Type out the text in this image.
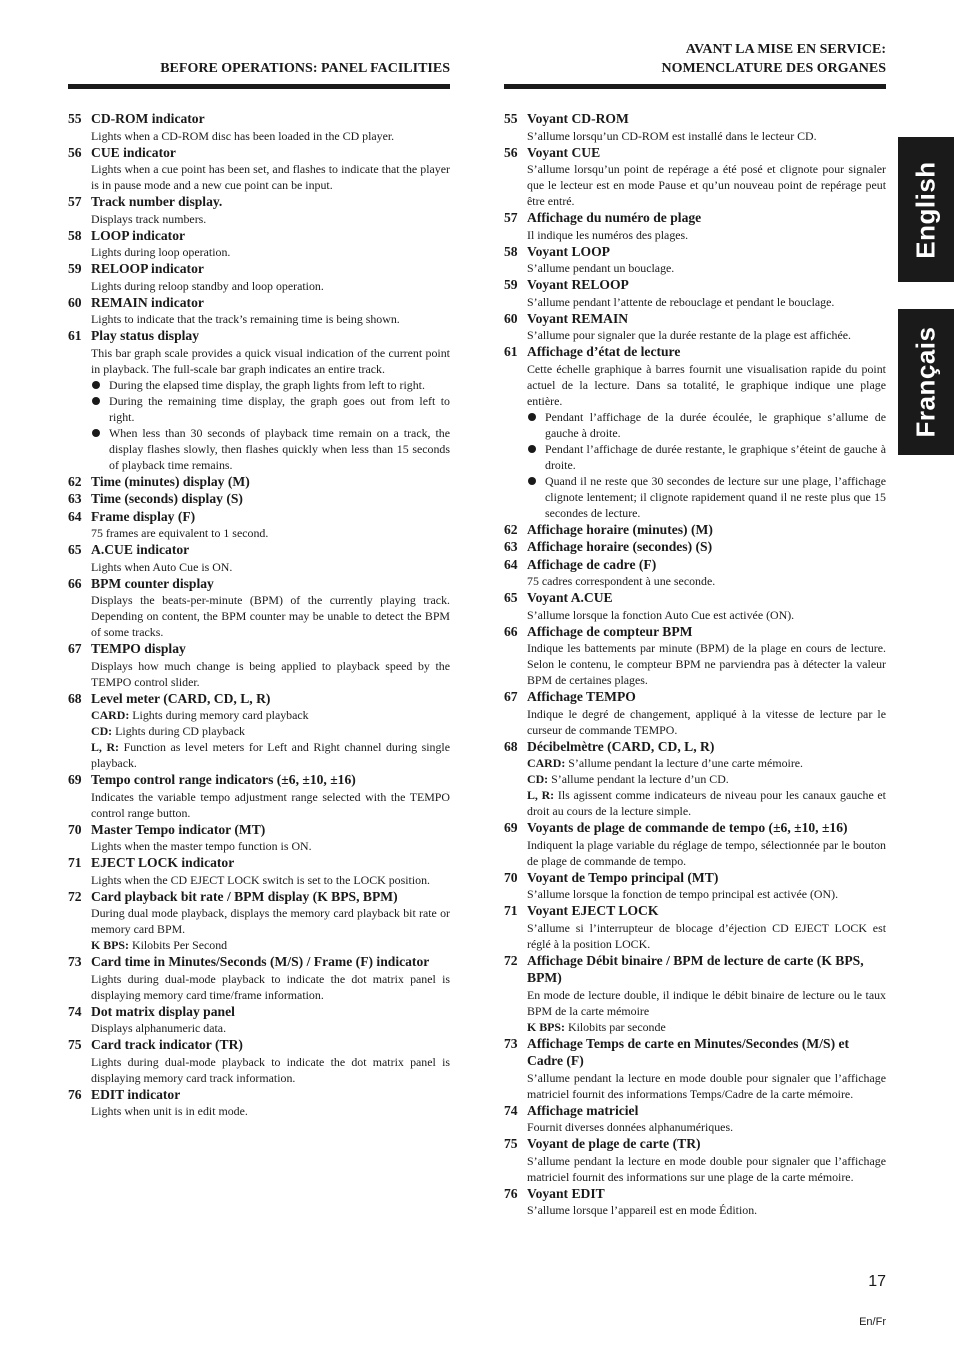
BEFORE OPERATIONS: PANEL FACILITIES
55 CD-ROM indicator
Lights when a CD-ROM disc has been loaded in the CD player.
56 CUE indicator
Lights when a cue point has been set, and flashes to indicate that the player is in pause mode and a new cue point can be input.
57 Track number display.
Displays track numbers.
58 LOOP indicator
Lights during loop operation.
59 RELOOP indicator
Lights during reloop standby and loop operation.
60 REMAIN indicator
Lights to indicate that the track’s remaining time is being shown.
61 Play status display
This bar graph scale provides a quick visual indication of the current point in playback. The full-scale bar graph indicates an entire track.
During the elapsed time display, the graph lights from left to right.
During the remaining time display, the graph goes out from left to right.
When less than 30 seconds of playback time remain on a track, the display flashes slowly, then flashes quickly when less than 15 seconds of playback time remains.
62 Time (minutes) display (M)
63 Time (seconds) display (S)
64 Frame display (F)
75 frames are equivalent to 1 second.
65 A.CUE indicator
Lights when Auto Cue is ON.
66 BPM counter display
Displays the beats-per-minute (BPM) of the currently playing track. Depending on content, the BPM counter may be unable to detect the BPM of some tracks.
67 TEMPO display
Displays how much change is being applied to playback speed by the TEMPO control slider.
68 Level meter (CARD, CD, L, R)
CARD: Lights during memory card playback
CD: Lights during CD playback
L, R: Function as level meters for Left and Right channel during single playback.
69 Tempo control range indicators (±6, ±10, ±16)
Indicates the variable tempo adjustment range selected with the TEMPO control range button.
70 Master Tempo indicator (MT)
Lights when the master tempo function is ON.
71 EJECT LOCK indicator
Lights when the CD EJECT LOCK switch is set to the LOCK position.
72 Card playback bit rate / BPM display (K BPS, BPM)
During dual mode playback, displays the memory card playback bit rate or memory card BPM.
K BPS: Kilobits Per Second
73 Card time in Minutes/Seconds (M/S) / Frame (F) indicator
Lights during dual-mode playback to indicate the dot matrix panel is displaying memory card time/frame information.
74 Dot matrix display panel
Displays alphanumeric data.
75 Card track indicator (TR)
Lights during dual-mode playback to indicate the dot matrix panel is displaying memory card track information.
76 EDIT indicator
Lights when unit is in edit mode.
AVANT LA MISE EN SERVICE:
NOMENCLATURE DES ORGANES
55 Voyant CD-ROM
S’allume lorsqu’un CD-ROM est installé dans le lecteur CD.
56 Voyant CUE
S’allume lorsqu’un point de repérage a été posé et clignote pour signaler que le lecteur est en mode Pause et qu’un nouveau point de repérage peut être entré.
57 Affichage du numéro de plage
Il indique les numéros des plages.
58 Voyant LOOP
S’allume pendant un bouclage.
59 Voyant RELOOP
S’allume pendant l’attente de rebouclage et pendant le bouclage.
60 Voyant REMAIN
S’allume pour signaler que la durée restante de la plage est affichée.
61 Affichage d’état de lecture
Cette échelle graphique à barres fournit une visualisation rapide du point actuel de la lecture. Dans sa totalité, le graphique indique une plage entière.
Pendant l’affichage de la durée écoulée, le graphique s’allume de gauche à droite.
Pendant l’affichage de durée restante, le graphique s’éteint de gauche à droite.
Quand il ne reste que 30 secondes de lecture sur une plage, l’affichage clignote lentement; il clignote rapidement quand il ne reste plus que 15 secondes de lecture.
62 Affichage horaire (minutes) (M)
63 Affichage horaire (secondes) (S)
64 Affichage de cadre (F)
75 cadres correspondent à une seconde.
65 Voyant A.CUE
S’allume lorsque la fonction Auto Cue est activée (ON).
66 Affichage de compteur BPM
Indique les battements par minute (BPM) de la plage en cours de lecture. Selon le contenu, le compteur BPM ne parviendra pas à détecter la valeur BPM de certaines plages.
67 Affichage TEMPO
Indique le degré de changement, appliqué à la vitesse de lecture par le curseur de commande TEMPO.
68 Décibelmètre (CARD, CD, L, R)
CARD: S’allume pendant la lecture d’une carte mémoire.
CD: S’allume pendant la lecture d’un CD.
L, R: Ils agissent comme indicateurs de niveau pour les canaux gauche et droit au cours de la lecture simple.
69 Voyants de plage de commande de tempo (±6, ±10, ±16)
Indiquent la plage variable du réglage de tempo, sélectionnée par le bouton de plage de commande de tempo.
70 Voyant de Tempo principal (MT)
S’allume lorsque la fonction de tempo principal est activée (ON).
71 Voyant EJECT LOCK
S’allume si l’interrupteur de blocage d’éjection CD EJECT LOCK est réglé à la position LOCK.
72 Affichage Débit binaire / BPM de lecture de carte (K BPS, BPM)
En mode de lecture double, il indique le débit binaire de lecture ou le taux BPM de la carte mémoire
K BPS: Kilobits par seconde
73 Affichage Temps de carte en Minutes/Secondes (M/S) et Cadre (F)
S’allume pendant la lecture en mode double pour signaler que l’affichage matriciel fournit des informations Temps/Cadre de la carte mémoire.
74 Affichage matriciel
Fournit diverses données alphanumériques.
75 Voyant de plage de carte (TR)
S’allume pendant la lecture en mode double pour signaler que l’affichage matriciel fournit des informations sur une plage de la carte mémoire.
76 Voyant EDIT
S’allume lorsque l’appareil est en mode Édition.
English
Français
17
En/Fr
